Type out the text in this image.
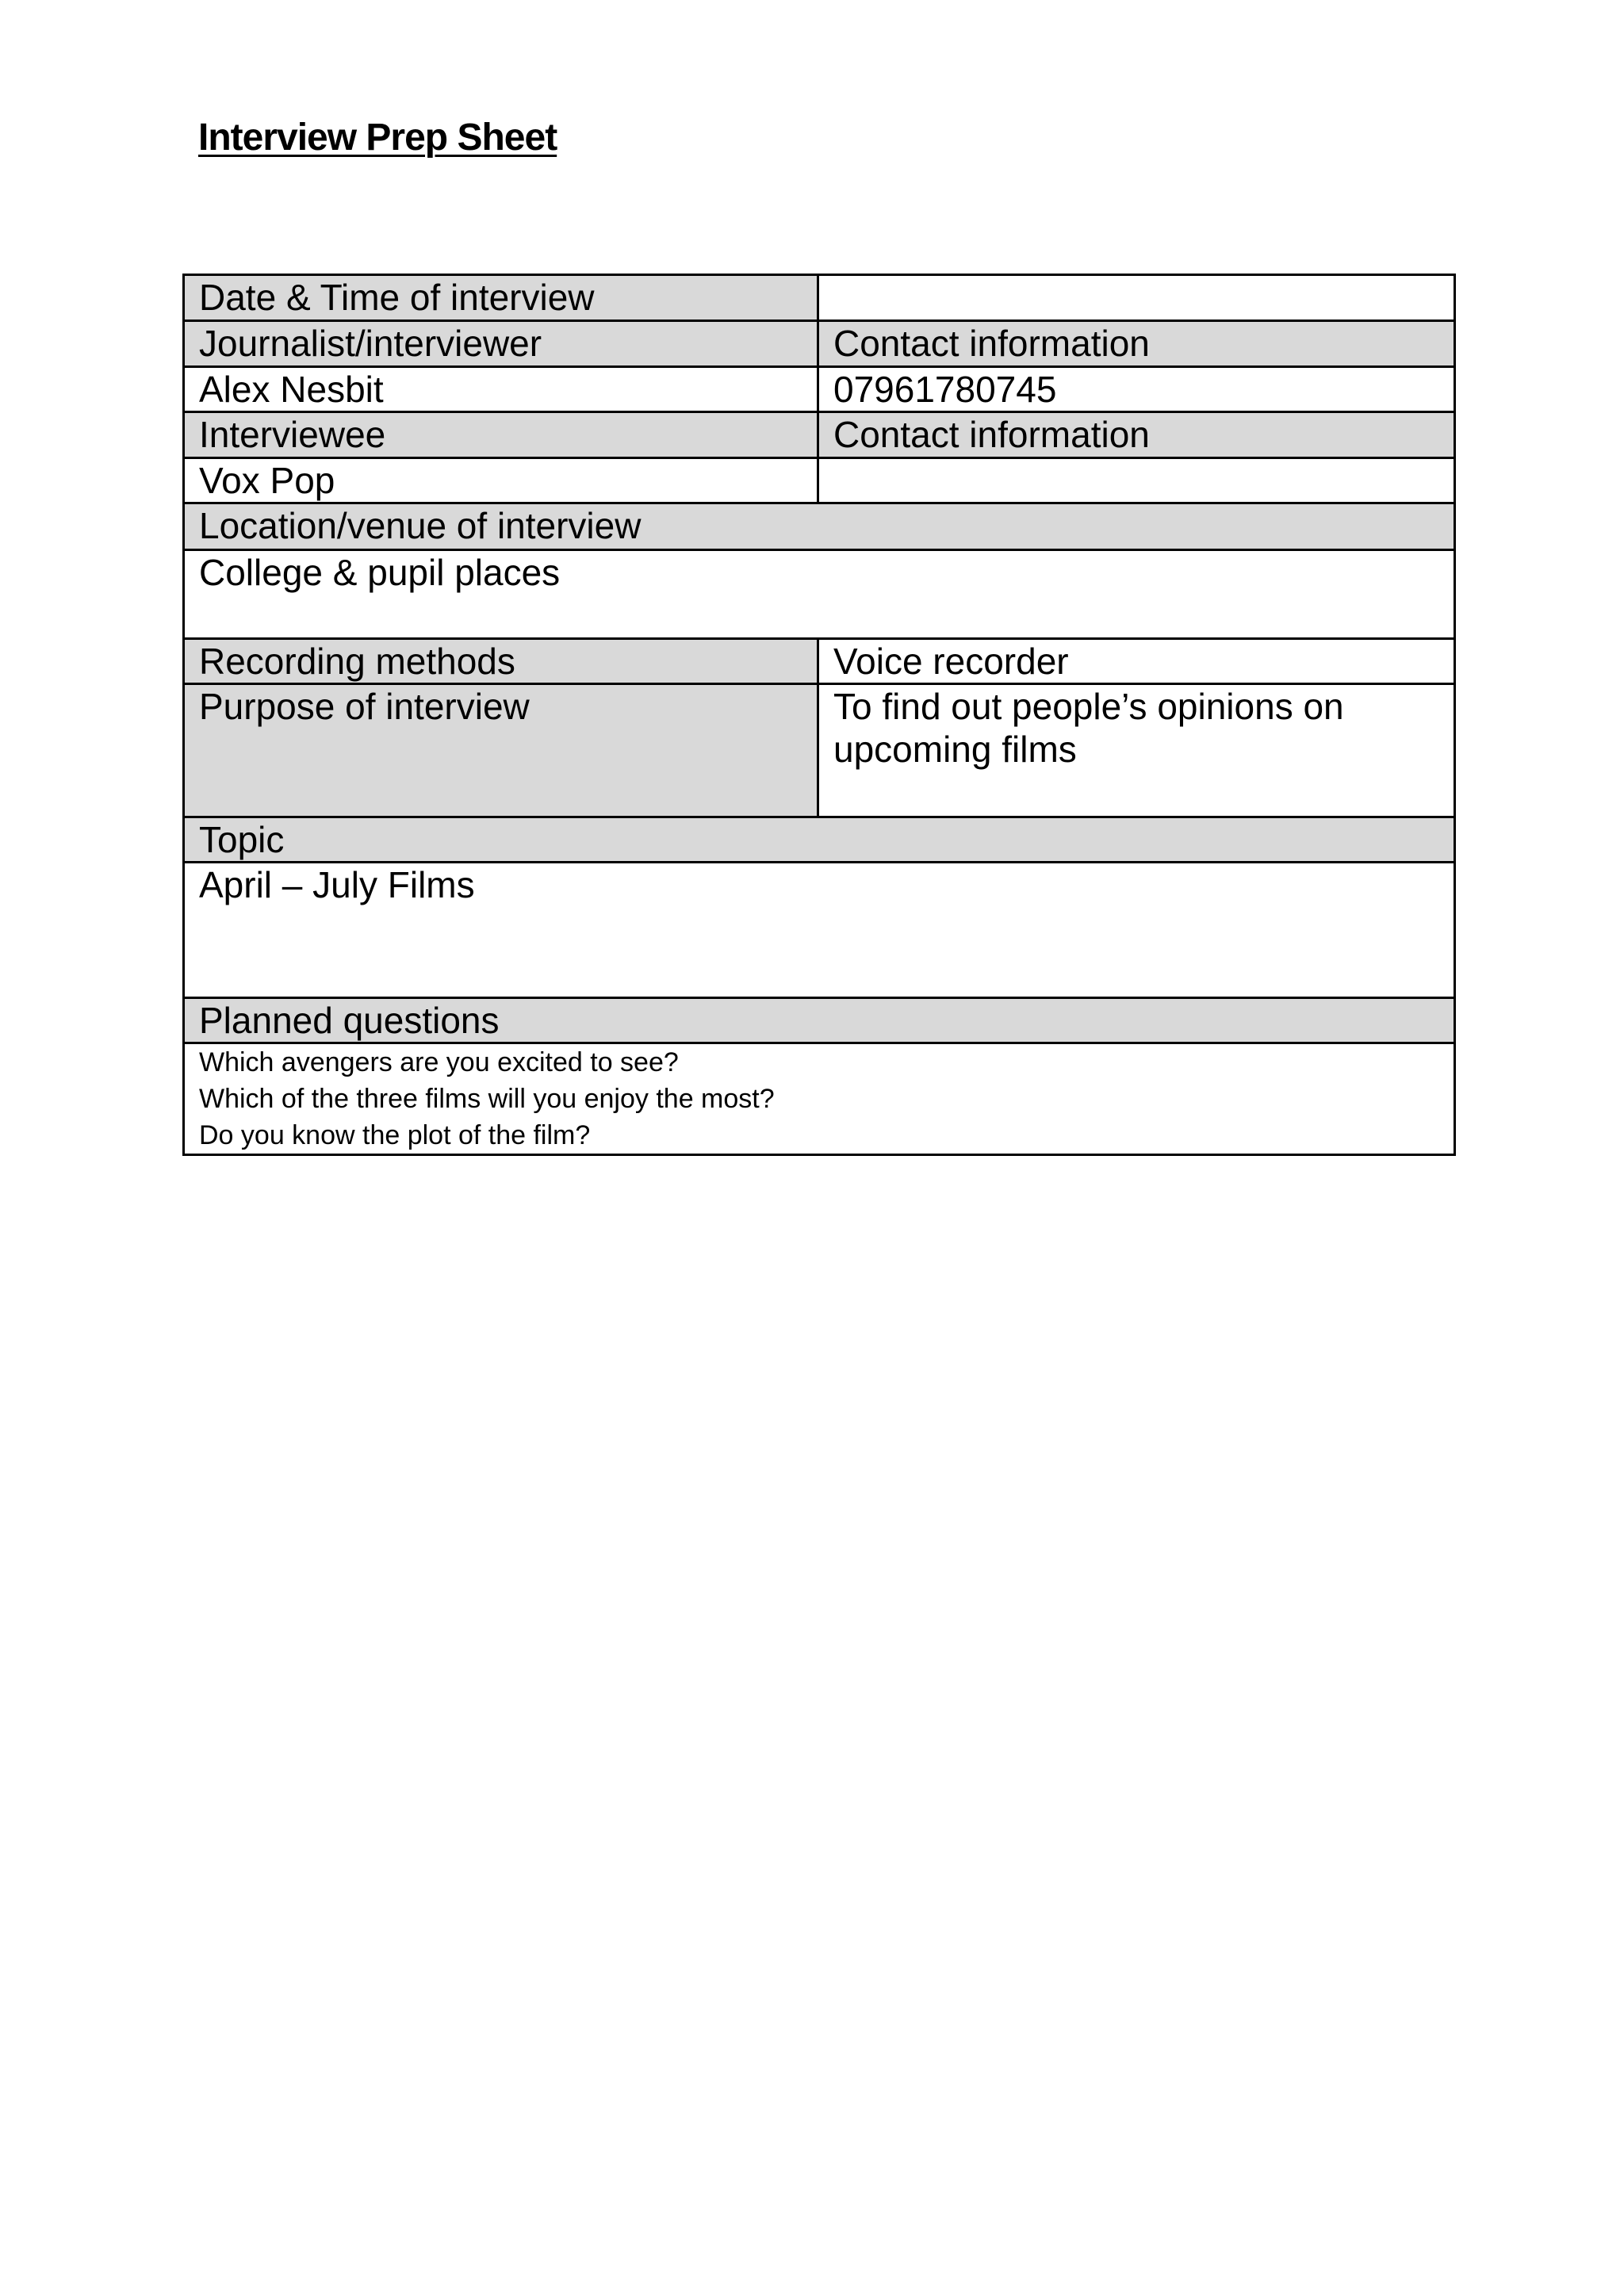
Interview Prep Sheet
Date & Time of interview	
Journalist/interviewer	Contact information
Alex Nesbit	07961780745
Interviewee	Contact information
Vox Pop	
Location/venue of interview	
College & pupil places	
Recording methods	Voice recorder
Purpose of interview	To find out people’s opinions on upcoming films
Topic	
April – July Films	
Planned questions	

Which avengers are you excited to see?
Which of the three films will you enjoy the most?
Do you know the plot of the film?	
